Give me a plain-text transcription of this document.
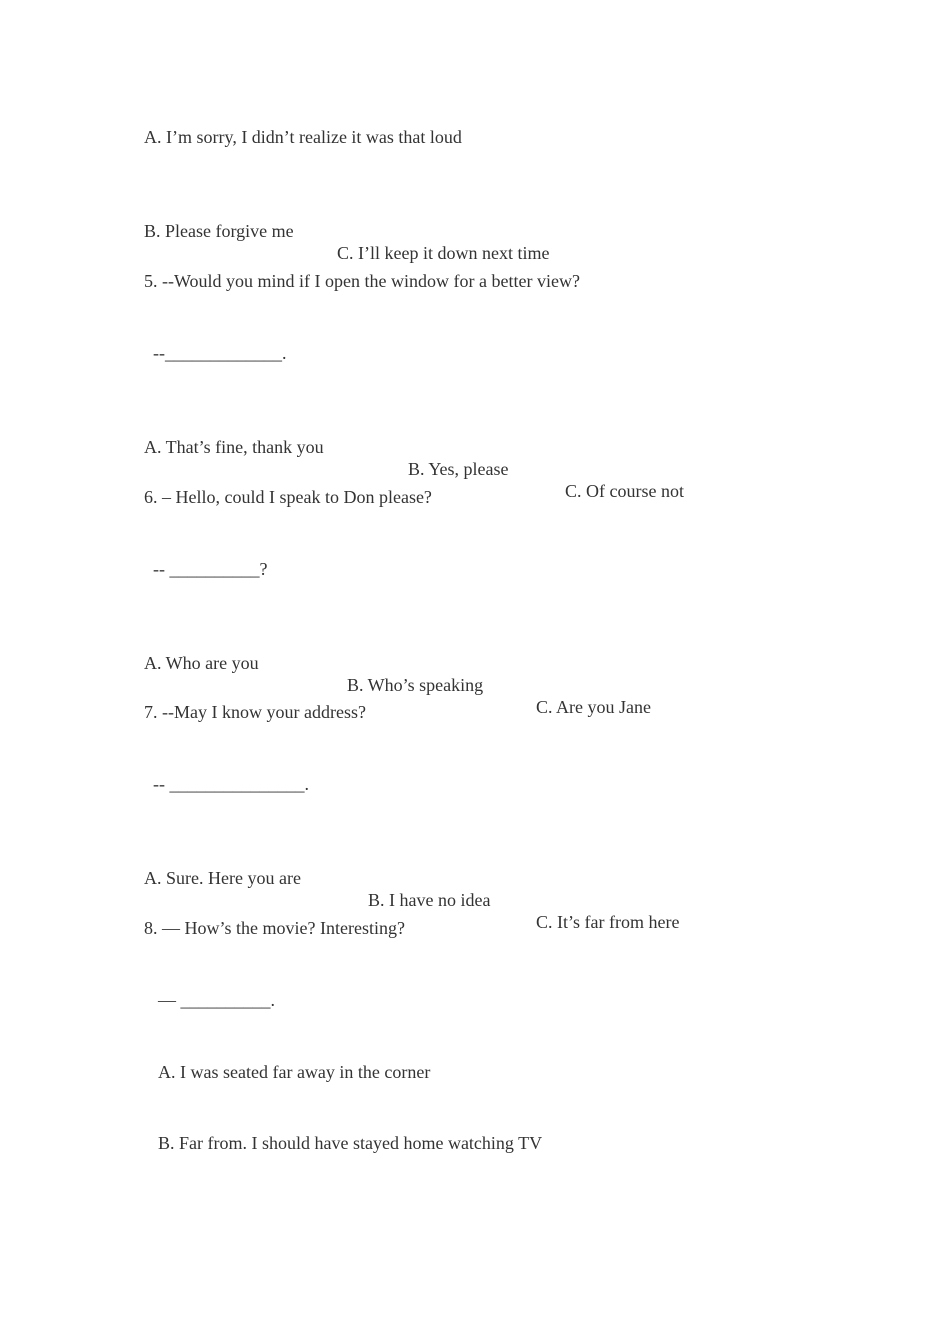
A. I’m sorry, I didn’t realize it was that loud

B. Please forgive me

C. I’ll keep it down next time

5. --Would you mind if I open the window for a better view?

--_____________.

A. That’s fine, thank you

B. Yes, please

C. Of course not

6. – Hello, could I speak to Don please?

-- __________?

A. Who are you

B. Who’s speaking

C. Are you Jane

7. --May I know your address?

-- _______________.

A. Sure. Here you are

B. I have no idea

C. It’s far from here

8. — How’s the movie? Interesting?

— __________.

A. I was seated far away in the corner

B. Far from. I should have stayed home watching TV
